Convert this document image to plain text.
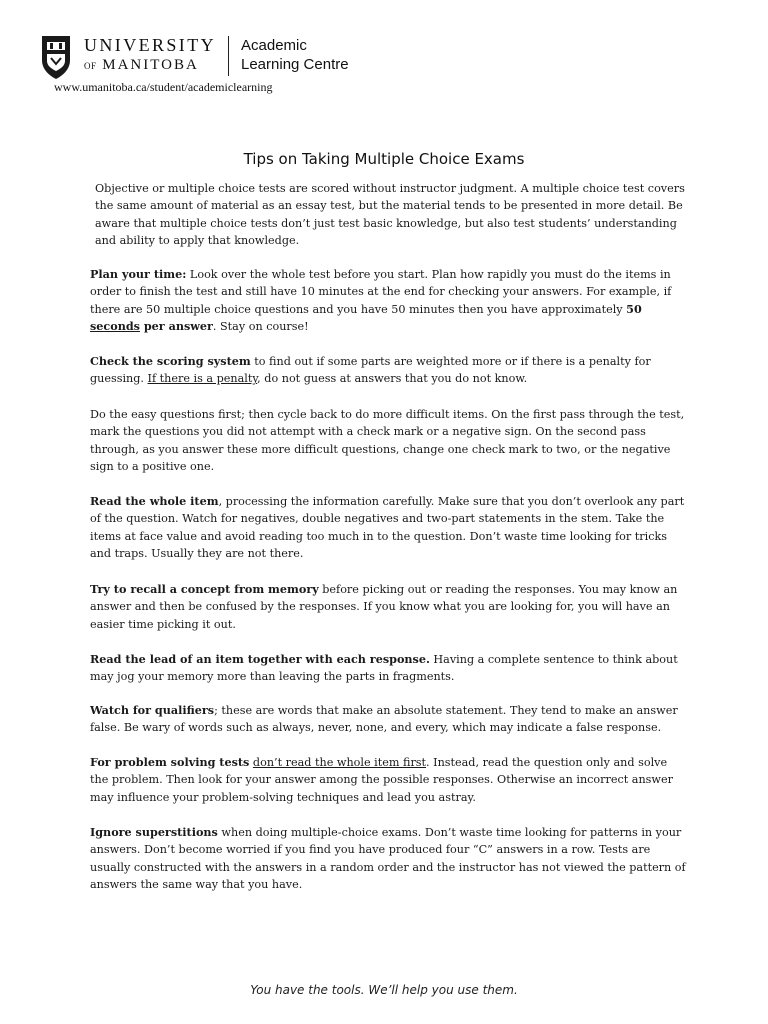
UNIVERSITY
OF MANITOBA
Academic
Learning Centre
www.umanitoba.ca/student/academiclearning
Tips on Taking Multiple Choice Exams

Objective or multiple choice tests are scored without instructor judgment. A multiple choice test covers the same amount of material as an essay test, but the material tends to be presented in more detail. Be aware that multiple choice tests don’t just test basic knowledge, but also test students’ understanding and ability to apply that knowledge.

Plan your time: Look over the whole test before you start. Plan how rapidly you must do the items in order to finish the test and still have 10 minutes at the end for checking your answers. For example, if there are 50 multiple choice questions and you have 50 minutes then you have approximately 50 seconds per answer. Stay on course!

Check the scoring system to find out if some parts are weighted more or if there is a penalty for guessing. If there is a penalty, do not guess at answers that you do not know.

Do the easy questions first; then cycle back to do more difficult items. On the first pass through the test, mark the questions you did not attempt with a check mark or a negative sign. On the second pass through, as you answer these more difficult questions, change one check mark to two, or the negative sign to a positive one.

Read the whole item, processing the information carefully. Make sure that you don’t overlook any part of the question. Watch for negatives, double negatives and two-part statements in the stem. Take the items at face value and avoid reading too much in to the question. Don’t waste time looking for tricks and traps. Usually they are not there.

Try to recall a concept from memory before picking out or reading the responses. You may know an answer and then be confused by the responses. If you know what you are looking for, you will have an easier time picking it out.

Read the lead of an item together with each response. Having a complete sentence to think about may jog your memory more than leaving the parts in fragments.

Watch for qualifiers; these are words that make an absolute statement. They tend to make an answer false. Be wary of words such as always, never, none, and every, which may indicate a false response.

For problem solving tests don’t read the whole item first. Instead, read the question only and solve the problem. Then look for your answer among the possible responses. Otherwise an incorrect answer may influence your problem-solving techniques and lead you astray.

Ignore superstitions when doing multiple-choice exams. Don’t waste time looking for patterns in your answers. Don’t become worried if you find you have produced four “C” answers in a row. Tests are usually constructed with the answers in a random order and the instructor has not viewed the pattern of answers the same way that you have.

You have the tools. We’ll help you use them.
